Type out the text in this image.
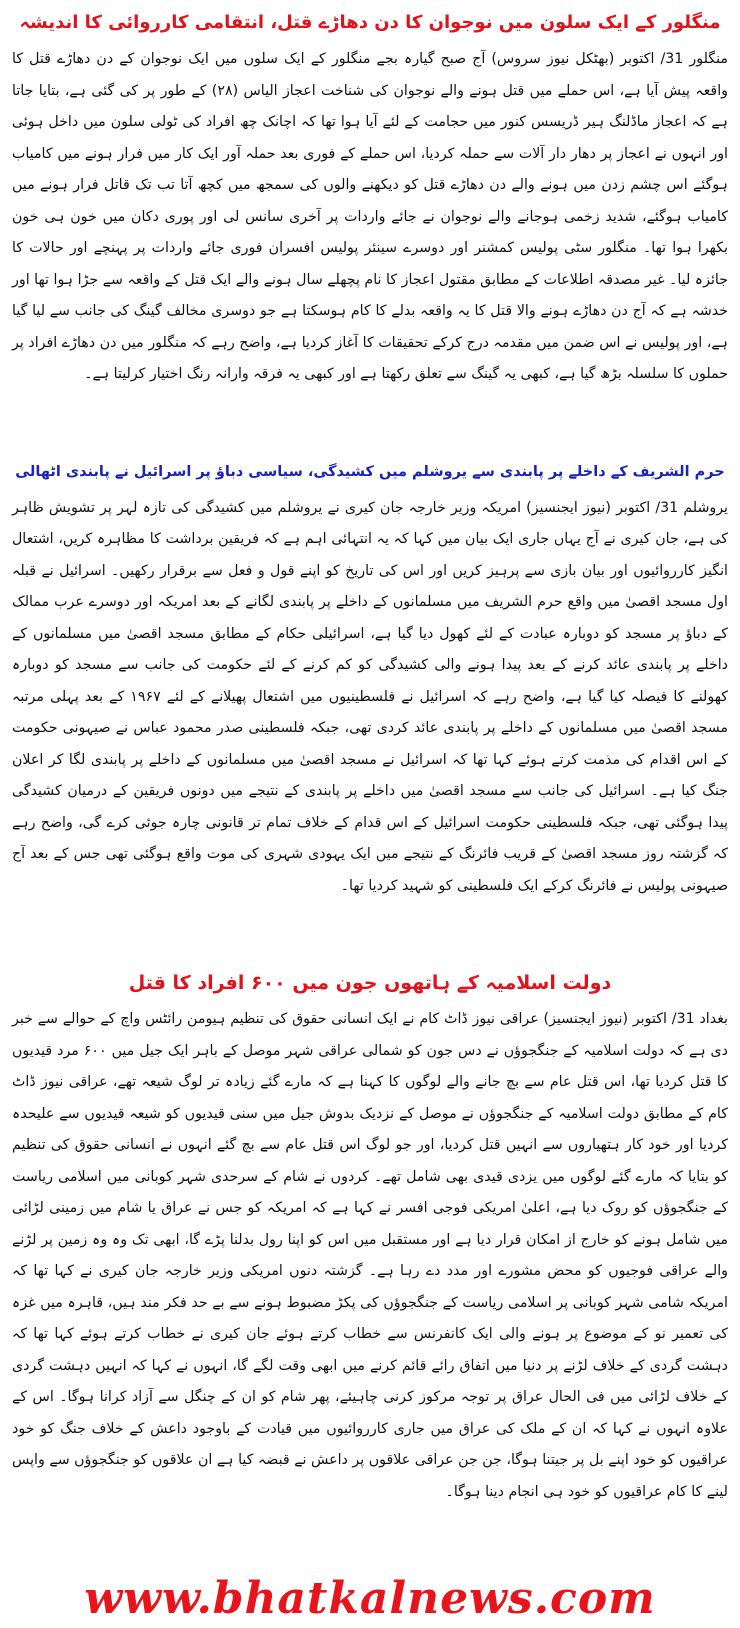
منگلور کے ایک سلون میں نوجوان کا دن دھاڑے قتل، انتقامی کارروائی کا اندیشہ

منگلور 31/ اکتوبر (بھٹکل نیوز سروس) آج صبح گیارہ بجے منگلور کے ایک سلوں میں ایک نوجوان کے دن دھاڑے قتل کا واقعہ پیش آیا ہے، اس حملے میں قتل ہونے والے نوجوان کی شناخت اعجاز الیاس (۲۸) کے طور پر کی گئی ہے، بتایا جاتا ہے کہ اعجاز ماڈلنگ ہیر ڈریسس کنور میں حجامت کے لئے آیا ہوا تھا کہ اچانک چھ افراد کی ٹولی سلون میں داخل ہوئی اور انہوں نے اعجاز پر دھار دار آلات سے حملہ کردیا، اس حملے کے فوری بعد حملہ آور ایک کار میں فرار ہونے میں کامیاب ہوگئے اس چشم زدن میں ہونے والے دن دھاڑے قتل کو دیکھنے والوں کی سمجھ میں کچھ آتا تب تک قاتل فرار ہونے میں کامیاب ہوگئے، شدید زخمی ہوجانے والے نوجوان نے جائے واردات پر آخری سانس لی اور پوری دکان میں خون ہی خون بکھرا ہوا تھا۔ منگلور سٹی پولیس کمشنر اور دوسرے سینئر پولیس افسران فوری جائے واردات پر پہنچے اور حالات کا جائزہ لیا۔ غیر مصدقہ اطلاعات کے مطابق مقتول اعجاز کا نام پچھلے سال ہونے والے ایک قتل کے واقعہ سے جڑا ہوا تھا اور خدشہ ہے کہ آج دن دھاڑے ہونے والا قتل کا یہ واقعہ بدلے کا کام ہوسکتا ہے جو دوسری مخالف گینگ کی جانب سے لیا گیا ہے، اور پولیس نے اس ضمن میں مقدمہ درج کرکے تحقیقات کا آغاز کردیا ہے، واضح رہے کہ منگلور میں دن دھاڑے افراد پر حملوں کا سلسلہ بڑھ گیا ہے، کبھی یہ گینگ سے تعلق رکھتا ہے اور کبھی یہ فرقہ وارانہ رنگ اختیار کرلیتا ہے۔

حرم الشریف کے داخلے پر پابندی سے یروشلم میں کشیدگی، سیاسی دباؤ پر اسرائیل نے پابندی اٹھالی

یروشلم 31/ اکتوبر (نیوز ایجنسیز) امریکہ وزیر خارجہ جان کیری نے یروشلم میں کشیدگی کی تازہ لہر پر تشویش ظاہر کی ہے، جان کیری نے آج یہاں جاری ایک بیان میں کہا کہ یہ انتہائی اہم ہے کہ فریقین برداشت کا مظاہرہ کریں، اشتعال انگیز کارروائیوں اور بیان بازی سے پرہیز کریں اور اس کی تاریخ کو اپنے قول و فعل سے برقرار رکھیں۔ اسرائیل نے قبلہ اول مسجد اقصیٰ میں واقع حرم الشریف میں مسلمانوں کے داخلے پر پابندی لگانے کے بعد امریکہ اور دوسرے عرب ممالک کے دباؤ پر مسجد کو دوبارہ عبادت کے لئے کھول دیا گیا ہے، اسرائیلی حکام کے مطابق مسجد اقصیٰ میں مسلمانوں کے داخلے پر پابندی عائد کرنے کے بعد پیدا ہونے والی کشیدگی کو کم کرنے کے لئے حکومت کی جانب سے مسجد کو دوبارہ کھولنے کا فیصلہ کیا گیا ہے، واضح رہے کہ اسرائیل نے فلسطینیوں میں اشتعال پھیلانے کے لئے ۱۹۶۷ کے بعد پہلی مرتبہ مسجد اقصیٰ میں مسلمانوں کے داخلے پر پابندی عائد کردی تھی، جبکہ فلسطینی صدر محمود عباس نے صیہونی حکومت کے اس اقدام کی مذمت کرتے ہوئے کہا تھا کہ اسرائیل نے مسجد اقصیٰ میں مسلمانوں کے داخلے پر پابندی لگا کر اعلان جنگ کیا ہے۔ اسرائیل کی جانب سے مسجد اقصیٰ میں داخلے پر پابندی کے نتیجے میں دونوں فریقین کے درمیان کشیدگی پیدا ہوگئی تھی، جبکہ فلسطینی حکومت اسرائیل کے اس قدام کے خلاف تمام تر قانونی چارہ جوئی کرے گی، واضح رہے کہ گزشتہ روز مسجد اقصیٰ کے قریب فائرنگ کے نتیجے میں ایک یہودی شہری کی موت واقع ہوگئی تھی جس کے بعد آج صیہونی پولیس نے فائرنگ کرکے ایک فلسطینی کو شہید کردیا تھا۔

دولت اسلامیہ کے ہاتھوں جون میں ۶۰۰ افراد کا قتل

بغداد 31/ اکتوبر (نیوز ایجنسیز) عراقی نیوز ڈاٹ کام نے ایک انسانی حقوق کی تنظیم ہیومن رائٹس واچ کے حوالے سے خبر دی ہے کہ دولت اسلامیہ کے جنگجوؤں نے دس جون کو شمالی عراقی شہر موصل کے باہر ایک جیل میں ۶۰۰ مرد قیدیوں کا قتل کردیا تھا، اس قتل عام سے بچ جانے والے لوگوں کا کہنا ہے کہ مارے گئے زیادہ تر لوگ شیعہ تھے، عراقی نیوز ڈاٹ کام کے مطابق دولت اسلامیہ کے جنگجوؤں نے موصل کے نزدیک بدوش جیل میں سنی قیدیوں کو شیعہ قیدیوں سے علیحدہ کردیا اور خود کار ہتھیاروں سے انہیں قتل کردیا، اور جو لوگ اس قتل عام سے بچ گئے انہوں نے انسانی حقوق کی تنظیم کو بتایا کہ مارے گئے لوگوں میں یزدی قیدی بھی شامل تھے۔ کردوں نے شام کے سرحدی شہر کوبانی میں اسلامی ریاست کے جنگجوؤں کو روک دیا ہے، اعلیٰ امریکی فوجی افسر نے کہا ہے کہ امریکہ کو جس نے عراق یا شام میں زمینی لڑائی میں شامل ہونے کو خارج از امکان قرار دیا ہے اور مستقبل میں اس کو اپنا رول بدلنا پڑے گا، ابھی تک وہ وہ زمین پر لڑنے والے عراقی فوجیوں کو محض مشورے اور مدد دے رہا ہے۔ گزشتہ دنوں امریکی وزیر خارجہ جان کیری نے کہا تھا کہ امریکہ شامی شہر کوبانی پر اسلامی ریاست کے جنگجوؤں کی پکڑ مضبوط ہونے سے بے حد فکر مند ہیں، قاہرہ میں غزہ کی تعمیر نو کے موضوع پر ہونے والی ایک کانفرنس سے خطاب کرتے ہوئے جان کیری نے خطاب کرتے ہوئے کہا تھا کہ دہشت گردی کے خلاف لڑنے پر دنیا میں اتفاق رائے قائم کرنے میں ابھی وقت لگے گا، انہوں نے کہا کہ انہیں دہشت گردی کے خلاف لڑائی میں فی الحال عراق پر توجہ مرکوز کرنی چاہیئے، پھر شام کو ان کے چنگل سے آزاد کرانا ہوگا۔ اس کے علاوہ انہوں نے کہا کہ ان کے ملک کی عراق میں جاری کارروائیوں میں قیادت کے باوجود داعش کے خلاف جنگ کو خود عراقیوں کو خود اپنے بل پر جیتنا ہوگا، جن جن عراقی علاقوں پر داعش نے قبضہ کیا ہے ان علاقوں کو جنگجوؤں سے واپس لینے کا کام عراقیوں کو خود ہی انجام دینا ہوگا۔

www.bhatkalnews.com
